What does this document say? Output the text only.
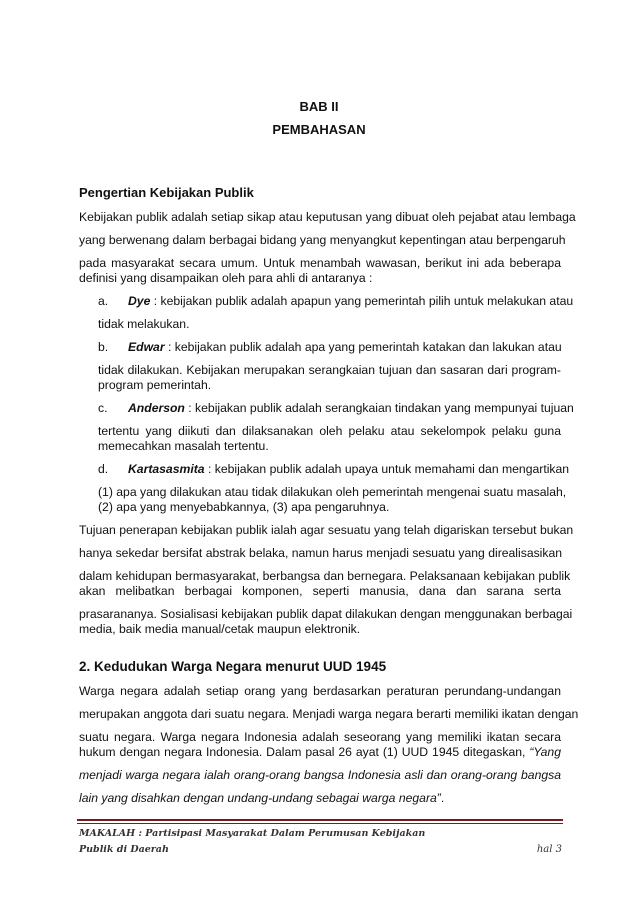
BAB II
PEMBAHASAN
Pengertian Kebijakan Publik
Kebijakan publik adalah setiap sikap atau keputusan yang dibuat oleh pejabat atau lembaga
yang berwenang dalam berbagai bidang yang menyangkut kepentingan atau berpengaruh
pada masyarakat secara umum. Untuk menambah wawasan, berikut ini ada beberapa
definisi yang disampaikan oleh para ahli di antaranya :
a. Dye : kebijakan publik adalah apapun yang pemerintah pilih untuk melakukan atau
tidak melakukan.
b. Edwar : kebijakan publik adalah apa yang pemerintah katakan dan lakukan atau
tidak dilakukan. Kebijakan merupakan serangkaian tujuan dan sasaran dari program-
program pemerintah.
c. Anderson : kebijakan publik adalah serangkaian tindakan yang mempunyai tujuan
tertentu yang diikuti dan dilaksanakan oleh pelaku atau sekelompok pelaku guna
memecahkan masalah tertentu.
d. Kartasasmita : kebijakan publik adalah upaya untuk memahami dan mengartikan
(1) apa yang dilakukan atau tidak dilakukan oleh pemerintah mengenai suatu masalah,
(2) apa yang menyebabkannya, (3) apa pengaruhnya.
Tujuan penerapan kebijakan publik ialah agar sesuatu yang telah digariskan tersebut bukan
hanya sekedar bersifat abstrak belaka, namun harus menjadi sesuatu yang direalisasikan
dalam kehidupan bermasyarakat, berbangsa dan bernegara. Pelaksanaan kebijakan publik
akan melibatkan berbagai komponen, seperti manusia, dana dan sarana serta
prasarananya. Sosialisasi kebijakan publik dapat dilakukan dengan menggunakan berbagai
media, baik media manual/cetak maupun elektronik.
2. Kedudukan Warga Negara menurut UUD 1945
Warga negara adalah setiap orang yang berdasarkan peraturan perundang-undangan
merupakan anggota dari suatu negara. Menjadi warga negara berarti memiliki ikatan dengan
suatu negara. Warga negara Indonesia adalah seseorang yang memiliki ikatan secara
hukum dengan negara Indonesia. Dalam pasal 26 ayat (1) UUD 1945 ditegaskan, “Yang
menjadi warga negara ialah orang-orang bangsa Indonesia asli dan orang-orang bangsa
lain yang disahkan dengan undang-undang sebagai warga negara”.
MAKALAH : Partisipasi Masyarakat Dalam Perumusan Kebijakan
Publik di Daerah	hal 3
